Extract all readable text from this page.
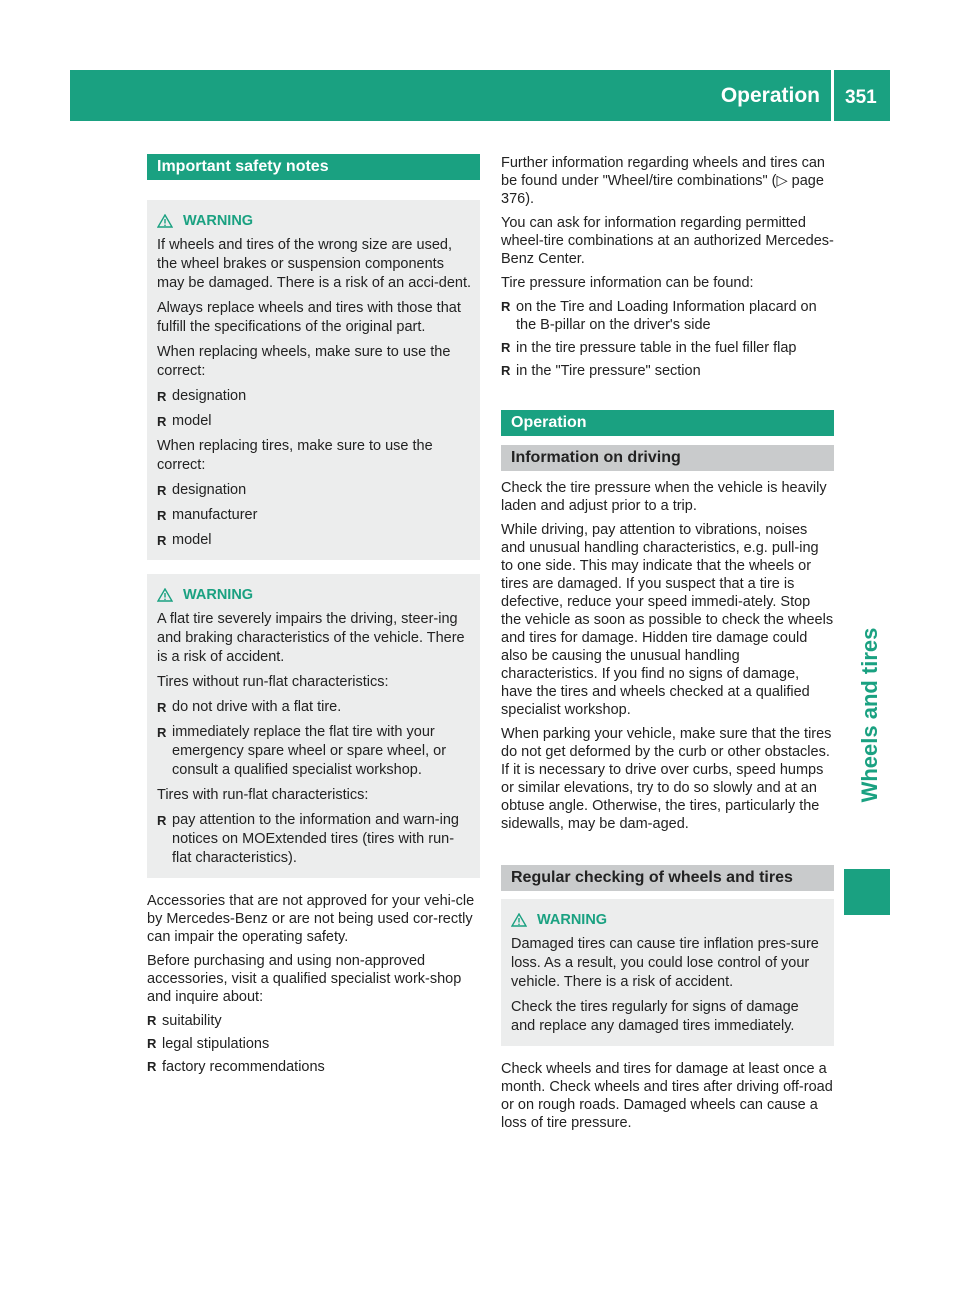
Operation 351
Wheels and tires
Important safety notes
WARNING

If wheels and tires of the wrong size are used, the wheel brakes or suspension components may be damaged. There is a risk of an acci-dent.

Always replace wheels and tires with those that fulfill the specifications of the original part.

When replacing wheels, make sure to use the correct:

R designation
R model

When replacing tires, make sure to use the correct:

R designation
R manufacturer
R model
WARNING

A flat tire severely impairs the driving, steer-ing and braking characteristics of the vehicle. There is a risk of accident.

Tires without run-flat characteristics:

R do not drive with a flat tire.
R immediately replace the flat tire with your emergency spare wheel or spare wheel, or consult a qualified specialist workshop.

Tires with run-flat characteristics:

R pay attention to the information and warn-ing notices on MOExtended tires (tires with run-flat characteristics).

Accessories that are not approved for your vehi-cle by Mercedes-Benz or are not being used cor-rectly can impair the operating safety.

Before purchasing and using non-approved accessories, visit a qualified specialist work-shop and inquire about:

R suitability
R legal stipulations
R factory recommendations

Further information regarding wheels and tires can be found under "Wheel/tire combinations" (▷ page 376).

You can ask for information regarding permitted wheel-tire combinations at an authorized Mercedes-Benz Center.

Tire pressure information can be found:

R on the Tire and Loading Information placard on the B-pillar on the driver's side
R in the tire pressure table in the fuel filler flap
R in the "Tire pressure" section
Operation
Information on driving

Check the tire pressure when the vehicle is heavily laden and adjust prior to a trip.

While driving, pay attention to vibrations, noises and unusual handling characteristics, e.g. pull-ing to one side. This may indicate that the wheels or tires are damaged. If you suspect that a tire is defective, reduce your speed immedi-ately. Stop the vehicle as soon as possible to check the wheels and tires for damage. Hidden tire damage could also be causing the unusual handling characteristics. If you find no signs of damage, have the tires and wheels checked at a qualified specialist workshop.

When parking your vehicle, make sure that the tires do not get deformed by the curb or other obstacles. If it is necessary to drive over curbs, speed humps or similar elevations, try to do so slowly and at an obtuse angle. Otherwise, the tires, particularly the sidewalls, may be dam-aged.

Regular checking of wheels and tires
WARNING

Damaged tires can cause tire inflation pres-sure loss. As a result, you could lose control of your vehicle. There is a risk of accident.

Check the tires regularly for signs of damage and replace any damaged tires immediately.

Check wheels and tires for damage at least once a month. Check wheels and tires after driving off-road or on rough roads. Damaged wheels can cause a loss of tire pressure.
